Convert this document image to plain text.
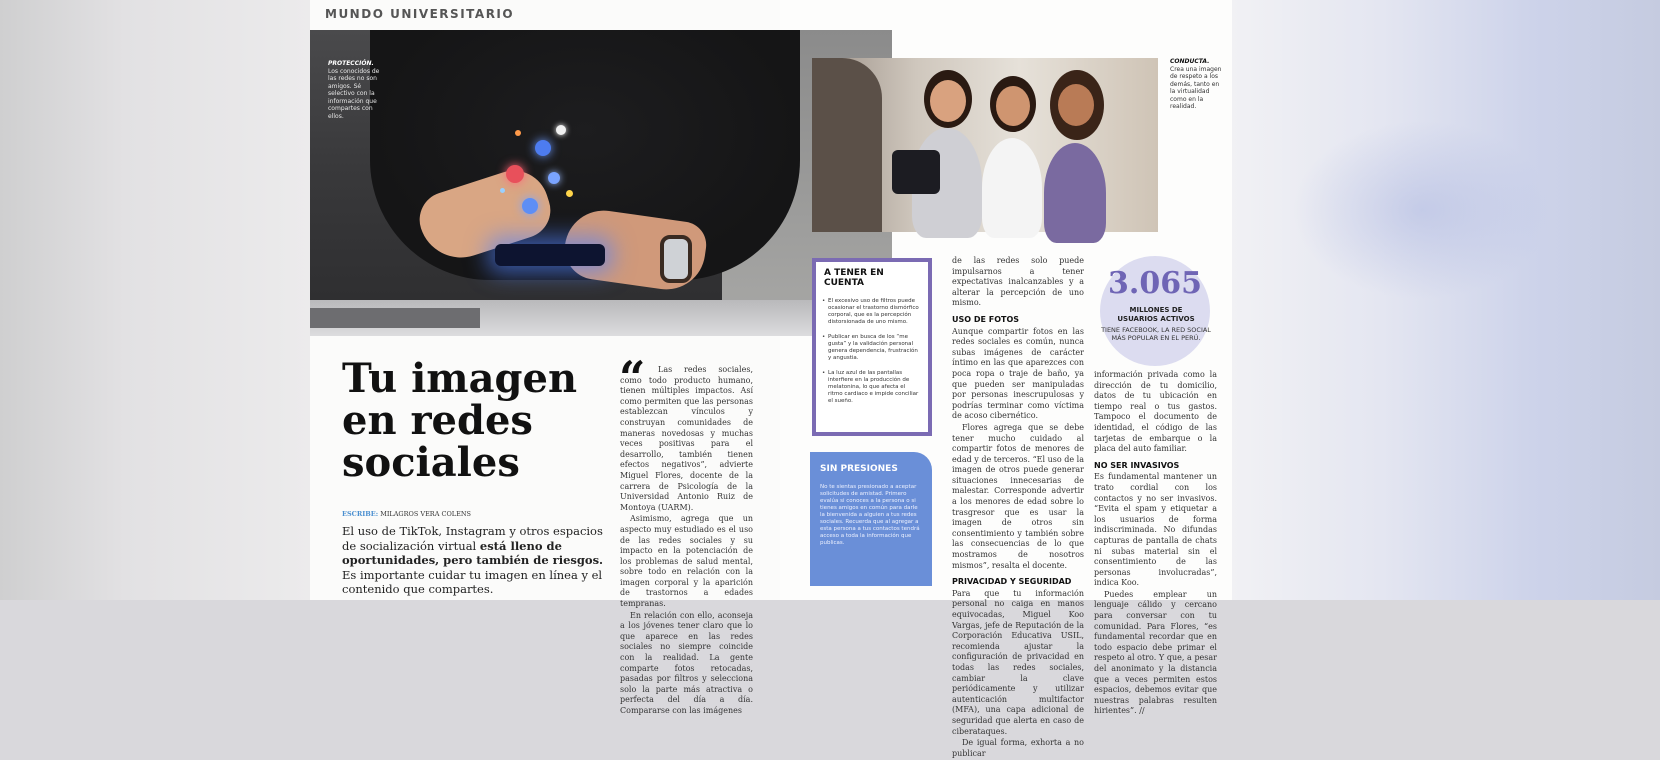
MUNDO UNIVERSITARIO
PROTECCIÓN. Los conocidos de las redes no son amigos. Sé selectivo con la información que compartes con ellos.
Tu imagen
en redes
sociales
ESCRIBE: MILAGROS VERA COLENS
El uso de TikTok, Instagram y otros espacios de socialización virtual está lleno de oportunidades, pero también de riesgos. Es importante cuidar tu imagen en línea y el contenido que compartes.
“	Las redes sociales, como todo producto humano, tienen múltiples impactos. Así como permiten que las personas establezcan vínculos y construyan comunidades de maneras novedosas y muchas veces positivas para el desarrollo, también tienen efectos negativos”, advierte Miguel Flores, docente de la carrera de Psicología de la Universidad Antonio Ruiz de Montoya (UARM).

Asimismo, agrega que un aspecto muy estudiado es el uso de las redes sociales y su impacto en la potenciación de los problemas de salud mental, sobre todo en relación con la imagen corporal y la aparición de trastornos a edades tempranas.

En relación con ello, aconseja a los jóvenes tener claro que lo que aparece en las redes sociales no siempre coincide con la realidad. La gente comparte fotos retocadas, pasadas por filtros y selecciona solo la parte más atractiva o perfecta del día a día. Compararse con las imágenes

CONDUCTA. Crea una imagen de respeto a los demás, tanto en la virtualidad como en la realidad.
A TENER EN CUENTA
• El excesivo uso de filtros puede ocasionar el trastorno dismórfico corporal, que es la percepción distorsionada de uno mismo.
• Publicar en busca de los “me gusta” y la validación personal genera dependencia, frustración y angustia.
• La luz azul de las pantallas interfiere en la producción de melatonina, lo que afecta el ritmo cardiaco e impide conciliar el sueño.
SIN PRESIONES

No te sientas presionado a aceptar solicitudes de amistad. Primero evalúa si conoces a la persona o si tienes amigos en común para darle la bienvenida a alguien a tus redes sociales. Recuerda que al agregar a esta persona a tus contactos tendrá acceso a toda la información que publicas.

de las redes solo puede impulsarnos a tener expectativas inalcanzables y a alterar la percepción de uno mismo.

USO DE FOTOS

Aunque compartir fotos en las redes sociales es común, nunca subas imágenes de carácter íntimo en las que aparezces con poca ropa o traje de baño, ya que pueden ser manipuladas por personas inescrupulosas y podrías terminar como víctima de acoso cibernético.

Flores agrega que se debe tener mucho cuidado al compartir fotos de menores de edad y de terceros. “El uso de la imagen de otros puede generar situaciones innecesarias de malestar. Corresponde advertir a los menores de edad sobre lo trasgresor que es usar la imagen de otros sin consentimiento y también sobre las consecuencias de lo que mostramos de nosotros mismos”, resalta el docente.

PRIVACIDAD Y SEGURIDAD

Para que tu información personal no caiga en manos equivocadas, Miguel Koo Vargas, jefe de Reputación de la Corporación Educativa USIL, recomienda ajustar la configuración de privacidad en todas las redes sociales, cambiar la clave periódicamente y utilizar autenticación multifactor (MFA), una capa adicional de seguridad que alerta en caso de ciberataques.

De igual forma, exhorta a no publicar

3.065
MILLONES DE
USUARIOS ACTIVOS
TIENE FACEBOOK, LA RED SOCIAL
MÁS POPULAR EN EL PERÚ.

información privada como la dirección de tu domicilio, datos de tu ubicación en tiempo real o tus gastos. Tampoco el documento de identidad, el código de las tarjetas de embarque o la placa del auto familiar.

NO SER INVASIVOS

Es fundamental mantener un trato cordial con los contactos y no ser invasivos. “Evita el spam y etiquetar a los usuarios de forma indiscriminada. No difundas capturas de pantalla de chats ni subas material sin el consentimiento de las personas involucradas”, indica Koo.

Puedes emplear un lenguaje cálido y cercano para conversar con tu comunidad. Para Flores, “es fundamental recordar que en todo espacio debe primar el respeto al otro. Y que, a pesar del anonimato y la distancia que a veces permiten estos espacios, debemos evitar que nuestras palabras resulten hirientes”. //
